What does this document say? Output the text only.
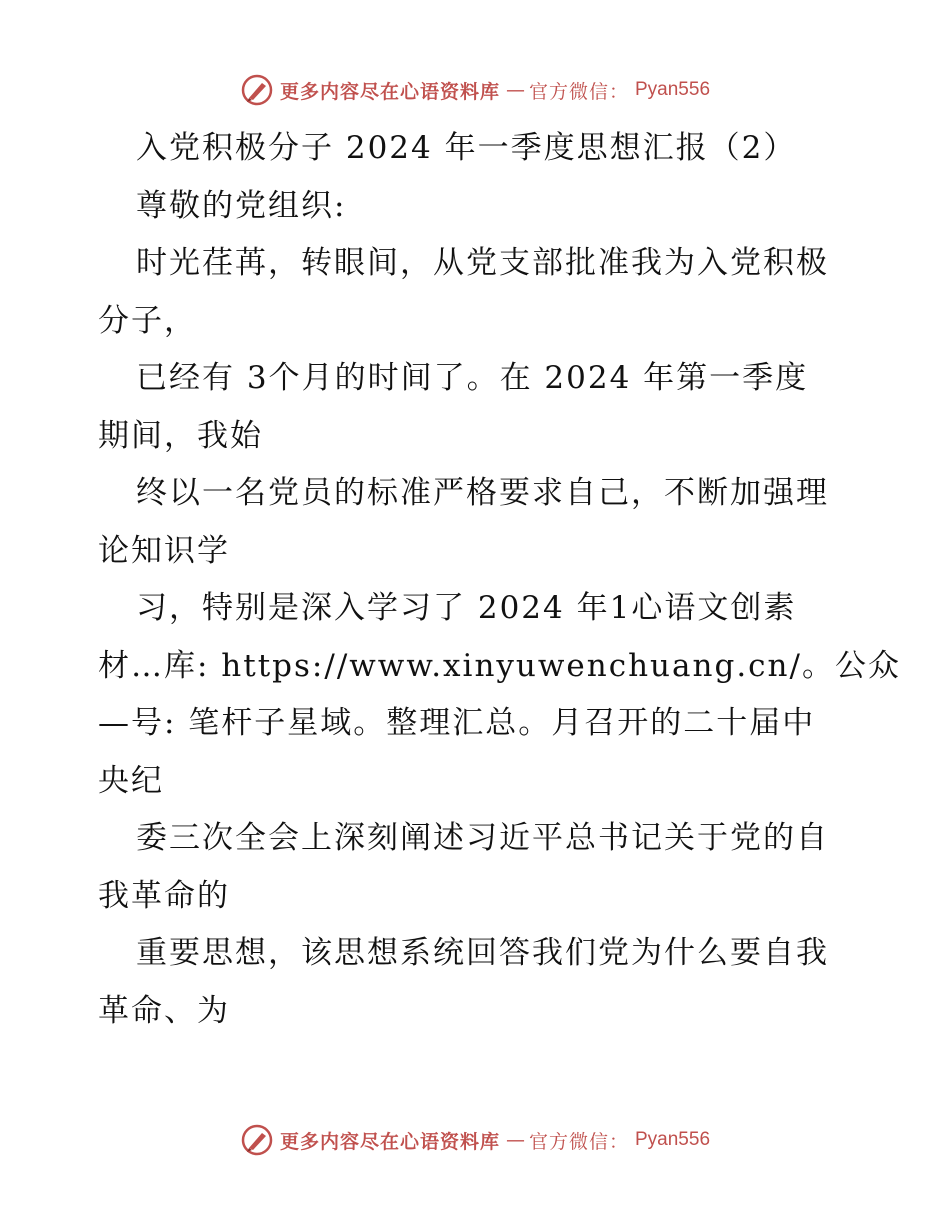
更多内容尽在心语资料库 — 官方微信： Pyan556
入党积极分子 2024 年一季度思想汇报（2）
尊敬的党组织:
时光荏苒，转眼间，从党支部批准我为入党积极
分子，
已经有 3个月的时间了。在 2024 年第一季度
期间，我始
终以一名党员的标准严格要求自己，不断加强理
论知识学
习，特别是深入学习了 2024 年1心语文创素
材…库: https://www.xinyuwenchuang.cn/。公众
—号: 笔杆子星域。整理汇总。月召开的二十届中
央纪
委三次全会上深刻阐述习近平总书记关于党的自
我革命的
重要思想，该思想系统回答我们党为什么要自我
革命、为
更多内容尽在心语资料库 — 官方微信： Pyan556
